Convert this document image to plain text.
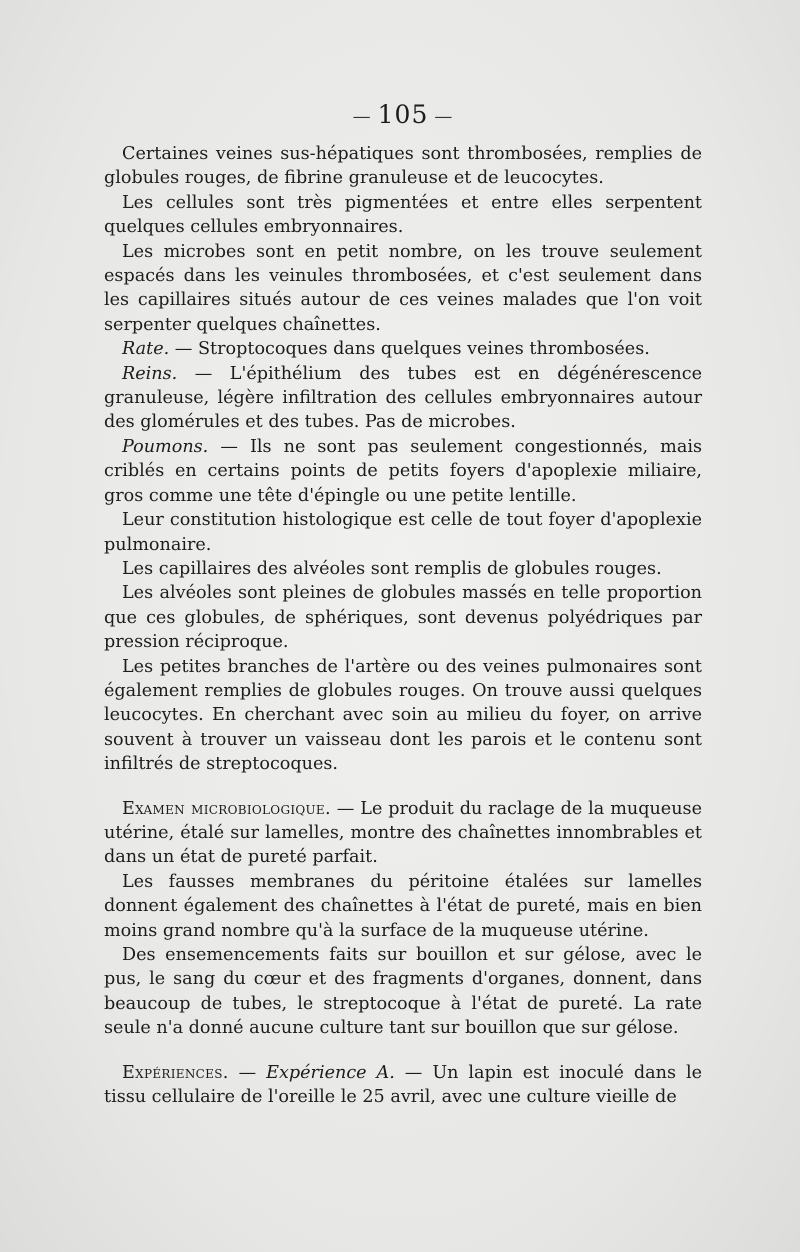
— 105 —

Certaines veines sus-hépatiques sont thrombosées, remplies de globules rouges, de fibrine granuleuse et de leucocytes.

Les cellules sont très pigmentées et entre elles serpentent quelques cellules embryonnaires.

Les microbes sont en petit nombre, on les trouve seulement espacés dans les veinules thrombosées, et c'est seulement dans les capillaires situés autour de ces veines malades que l'on voit serpenter quelques chaînettes.

Rate. — Stroptocoques dans quelques veines thrombosées.

Reins. — L'épithélium des tubes est en dégénérescence granuleuse, légère infiltration des cellules embryonnaires autour des glomérules et des tubes. Pas de microbes.

Poumons. — Ils ne sont pas seulement congestionnés, mais criblés en certains points de petits foyers d'apoplexie miliaire, gros comme une tête d'épingle ou une petite lentille.

Leur constitution histologique est celle de tout foyer d'apoplexie pulmonaire.

Les capillaires des alvéoles sont remplis de globules rouges.

Les alvéoles sont pleines de globules massés en telle proportion que ces globules, de sphériques, sont devenus polyédriques par pression réciproque.

Les petites branches de l'artère ou des veines pulmonaires sont également remplies de globules rouges. On trouve aussi quelques leucocytes. En cherchant avec soin au milieu du foyer, on arrive souvent à trouver un vaisseau dont les parois et le contenu sont infiltrés de streptocoques.

Examen microbiologique. — Le produit du raclage de la muqueuse utérine, étalé sur lamelles, montre des chaînettes innombrables et dans un état de pureté parfait.

Les fausses membranes du péritoine étalées sur lamelles donnent également des chaînettes à l'état de pureté, mais en bien moins grand nombre qu'à la surface de la muqueuse utérine.

Des ensemencements faits sur bouillon et sur gélose, avec le pus, le sang du cœur et des fragments d'organes, donnent, dans beaucoup de tubes, le streptocoque à l'état de pureté. La rate seule n'a donné aucune culture tant sur bouillon que sur gélose.

Expériences. — Expérience A. — Un lapin est inoculé dans le tissu cellulaire de l'oreille le 25 avril, avec une culture vieille de
